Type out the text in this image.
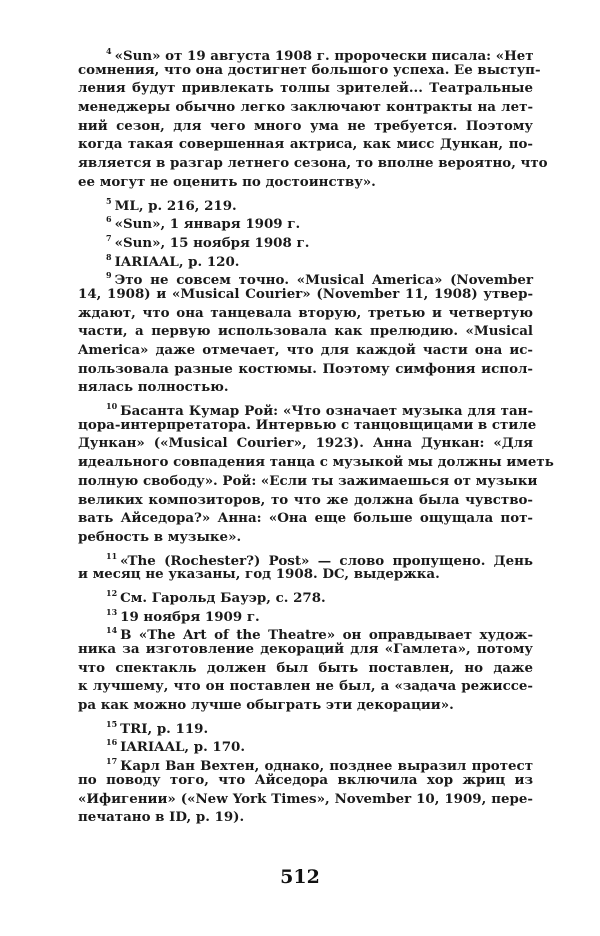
$^4$ «Sun» от 19 августа 1908 г. пророчески писала: «Нет
сомнения, что она достигнет большого успеха. Ее выступ-
ления будут привлекать толпы зрителей... Театральные
менеджеры обычно легко заключают контракты на лет-
ний сезон, для чего много ума не требуется. Поэтому
когда такая совершенная актриса, как мисс Дункан, по-
является в разгар летнего сезона, то вполне вероятно, что
ее могут не оценить по достоинству».
$^5$ ML, p. 216, 219.
$^6$ «Sun», 1 января 1909 г.
$^7$ «Sun», 15 ноября 1908 г.
$^8$ IARIAAL, p. 120.
$^9$ Это не совсем точно. «Musical America» (November
14, 1908) и «Musical Courier» (November 11, 1908) утвер-
ждают, что она танцевала вторую, третью и четвертую
части, а первую использовала как прелюдию. «Musical
America» даже отмечает, что для каждой части она ис-
пользовала разные костюмы. Поэтому симфония испол-
нялась полностью.
$^{10}$ Басанта Кумар Рой: «Что означает музыка для тан-
цора-интерпретатора. Интервью с танцовщицами в стиле
Дункан» («Musical Courier», 1923). Анна Дункан: «Для
идеального совпадения танца с музыкой мы должны иметь
полную свободу». Рой: «Если ты зажимаешься от музыки
великих композиторов, то что же должна была чувство-
вать Айседора?» Анна: «Она еще больше ощущала пот-
ребность в музыке».
$^{11}$ «The (Rochester?) Post» — слово пропущено. День
и месяц не указаны, год 1908. DC, выдержка.
$^{12}$ См. Гарольд Бауэр, с. 278.
$^{13}$ 19 ноября 1909 г.
$^{14}$ В «The Art of the Theatre» он оправдывает худож-
ника за изготовление декораций для «Гамлета», потому
что спектакль должен был быть поставлен, но даже
к лучшему, что он поставлен не был, а «задача режиссе-
ра как можно лучше обыграть эти декорации».
$^{15}$ TRI, p. 119.
$^{16}$ IARIAAL, p. 170.
$^{17}$ Карл Ван Вехтен, однако, позднее выразил протест
по поводу того, что Айседора включила хор жриц из
«Ифигении» («New York Times», November 10, 1909, пере-
печатано в ID, p. 19).
512
